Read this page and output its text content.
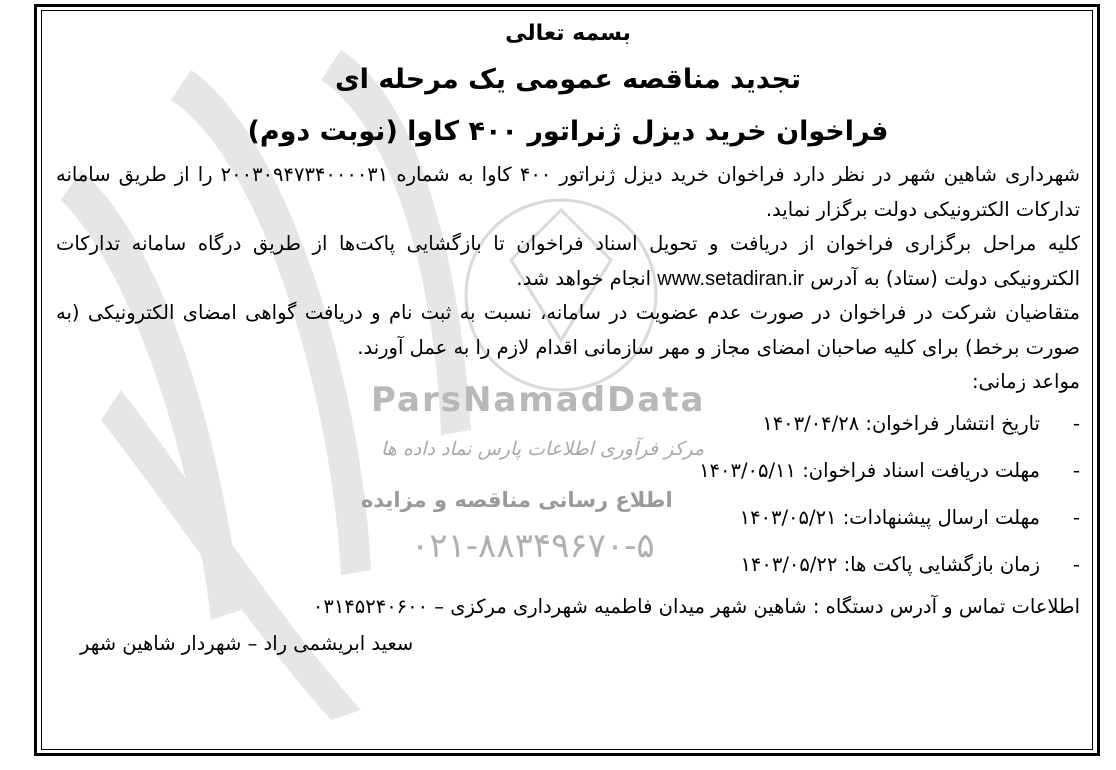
ParsNamadData
مرکز فرآوری اطلاعات پارس نماد داده ها
اطلاع رسانی مناقصه و مزایده
۰۲۱-۸۸۳۴۹۶۷۰-۵
بسمه تعالی
تجدید مناقصه عمومی یک مرحله ای
فراخوان خرید دیزل ژنراتور ۴۰۰ کاوا (نوبت دوم)

شهرداری شاهین شهر در نظر دارد فراخوان خرید دیزل ژنراتور ۴۰۰ کاوا به شماره ۲۰۰۳۰۹۴۷۳۴۰۰۰۰۳۱ را از طریق سامانه تدارکات الکترونیکی دولت برگزار نماید.

کلیه مراحل برگزاری فراخوان از دریافت و تحویل اسناد فراخوان تا بازگشایی پاکت‌ها از طریق درگاه سامانه تدارکات الکترونیکی دولت (ستاد) به آدرس www.setadiran.ir انجام خواهد شد.

متقاضیان شرکت در فراخوان در صورت عدم عضویت در سامانه، نسبت به ثبت نام و دریافت گواهی امضای الکترونیکی (به صورت برخط) برای کلیه صاحبان امضای مجاز و مهر سازمانی اقدام لازم را به عمل آورند.

مواعد زمانی:

-
تاریخ انتشار فراخوان: ۱۴۰۳/۰۴/۲۸
-
مهلت دریافت اسناد فراخوان: ۱۴۰۳/۰۵/۱۱
-
مهلت ارسال پیشنهادات: ۱۴۰۳/۰۵/۲۱
-
زمان بازگشایی پاکت ها: ۱۴۰۳/۰۵/۲۲
اطلاعات تماس و آدرس دستگاه : شاهین شهر میدان فاطمیه شهرداری مرکزی – ۰۳۱۴۵۲۴۰۶۰۰
سعید ابریشمی راد – شهردار شاهین شهر
